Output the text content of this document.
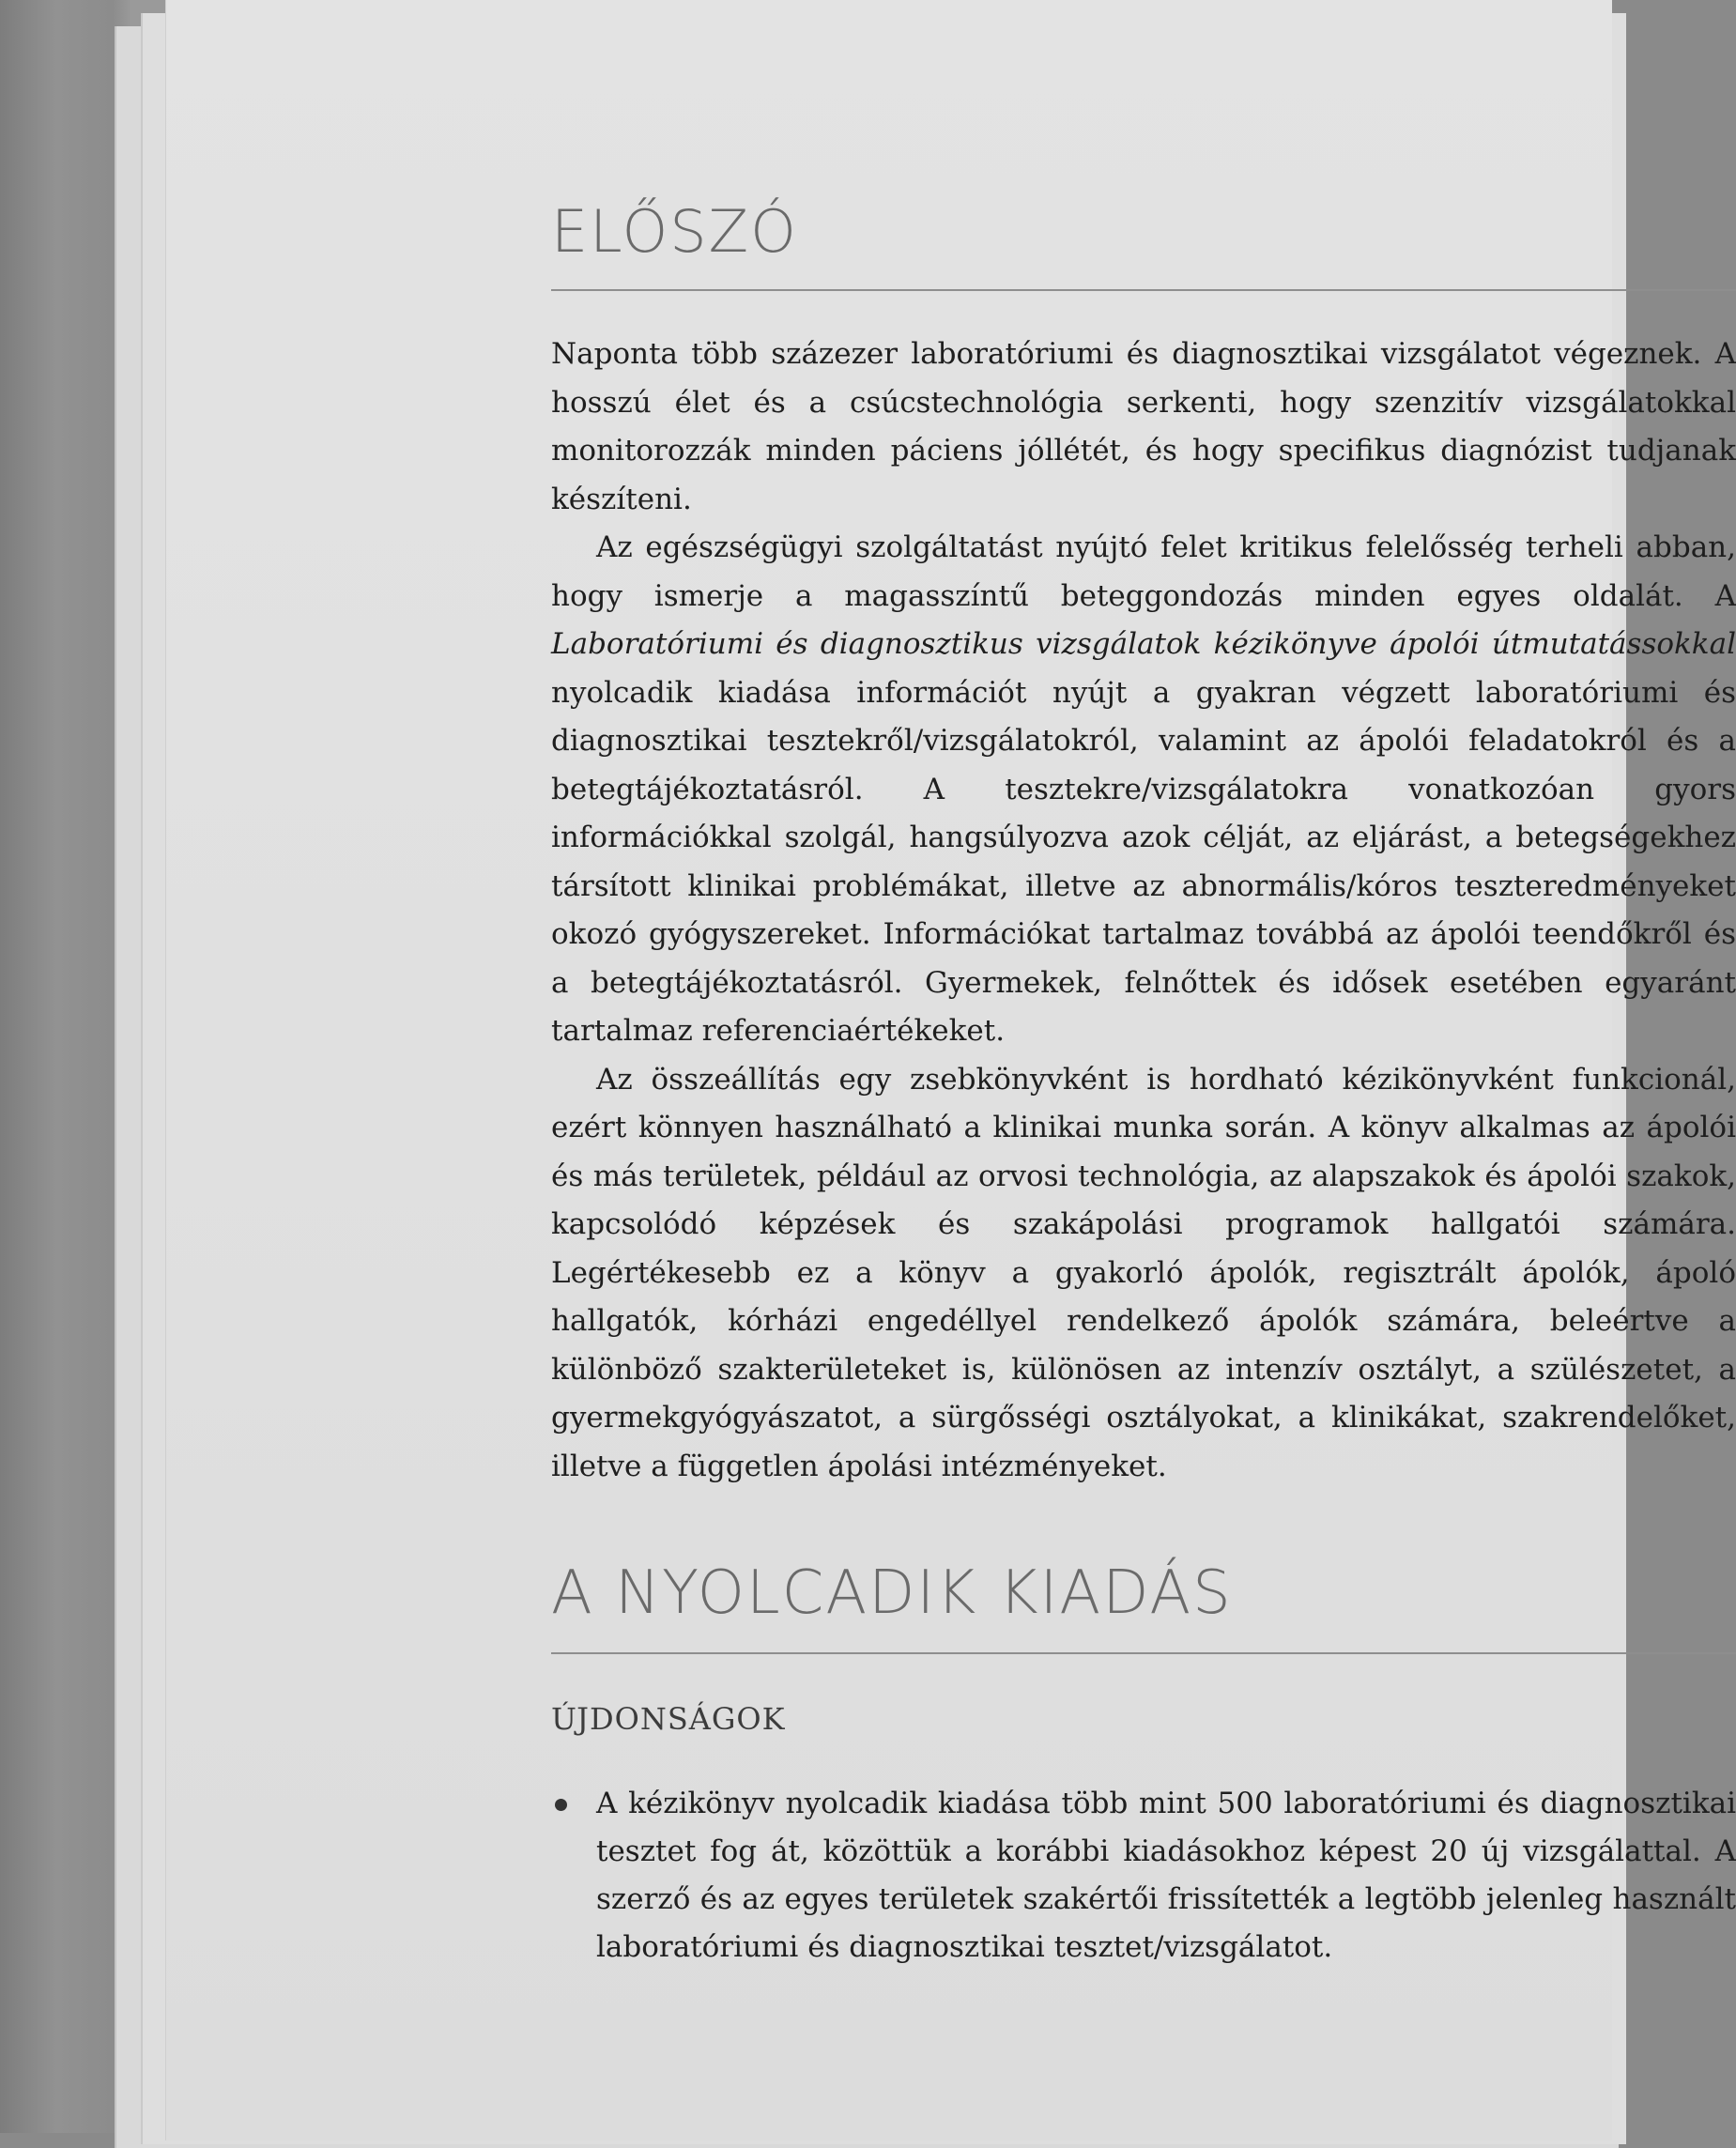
ELŐSZÓ

Naponta több százezer laboratóriumi és diagnosztikai vizsgálatot végeznek. A hosszú élet és a csúcstechnológia serkenti, hogy szenzitív vizsgálatokkal monitorozzák minden páciens jóllétét, és hogy specifikus diagnózist tudjanak készíteni.

Az egészségügyi szolgáltatást nyújtó felet kritikus felelősség terheli abban, hogy ismerje a magasszíntű beteggondozás minden egyes oldalát. A Laboratóriumi és diagnosztikus vizsgálatok kézikönyve ápolói útmutatássokkal nyolcadik kiadása információt nyújt a gyakran végzett laboratóriumi és diagnosztikai tesztekről/vizsgálatokról, valamint az ápolói feladatokról és a betegtájékoztatásról. A tesztekre/vizsgálatokra vonatkozóan gyors információkkal szolgál, hangsúlyozva azok célját, az eljárást, a betegségekhez társított klinikai problémákat, illetve az abnormális/kóros teszteredményeket okozó gyógyszereket. Információkat tartalmaz továbbá az ápolói teendőkről és a betegtájékoztatásról. Gyermekek, felnőttek és idősek esetében egyaránt tartalmaz referenciaértékeket.

Az összeállítás egy zsebkönyvként is hordható kézikönyvként funkcionál, ezért könnyen használható a klinikai munka során. A könyv alkalmas az ápolói és más területek, például az orvosi technológia, az alapszakok és ápolói szakok, kapcsolódó képzések és szakápolási programok hallgatói számára. Legértékesebb ez a könyv a gyakorló ápolók, regisztrált ápolók, ápoló hallgatók, kórházi engedéllyel rendelkező ápolók számára, beleértve a különböző szakterületeket is, különösen az intenzív osztályt, a szülészetet, a gyermekgyógyászatot, a sürgősségi osztályokat, a klinikákat, szakrendelőket, illetve a független ápolási intézményeket.

A NYOLCADIK KIADÁS
ÚJDONSÁGOK
A kézikönyv nyolcadik kiadása több mint 500 laboratóriumi és diagnosztikai tesztet fog át, közöttük a korábbi kiadásokhoz képest 20 új vizsgálattal. A szerző és az egyes területek szakértői frissítették a legtöbb jelenleg használt laboratóriumi és diagnosztikai tesztet/vizsgálatot.
